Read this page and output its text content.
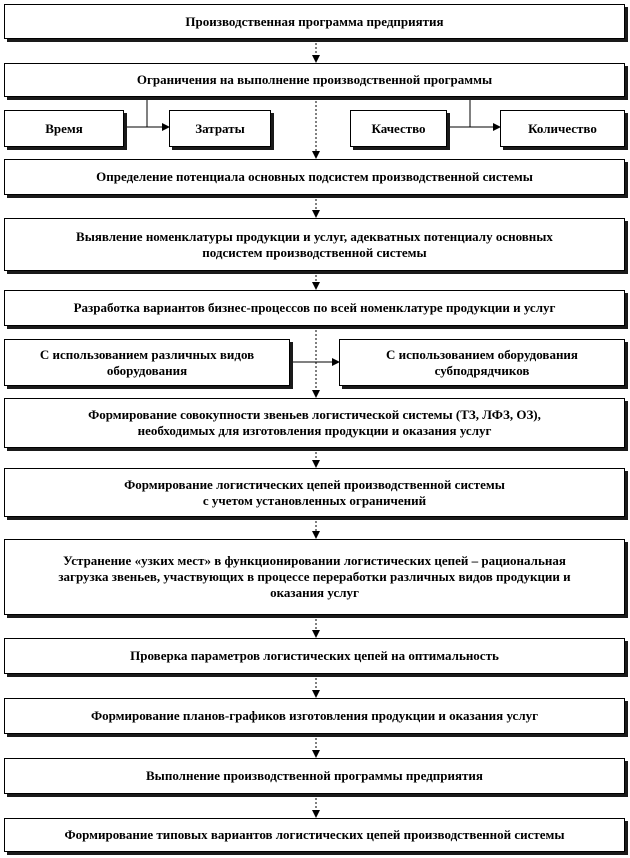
Производственная программа предприятия
Ограничения на выполнение производственной программы
Время	Затраты	Качество	Количество
Определение потенциала основных подсистем производственной системы
Выявление номенклатуры продукции и услуг, адекватных потенциалу основных
подсистем производственной системы
Разработка вариантов бизнес-процессов по всей номенклатуре продукции и услуг
С использованием различных видов
оборудования
С использованием оборудования
субподрядчиков
Формирование совокупности звеньев логистической системы (ТЗ, ЛФЗ, ОЗ),
необходимых для изготовления продукции и оказания услуг
Формирование логистических цепей производственной системы
с учетом установленных ограничений
Устранение «узких мест» в функционировании логистических цепей – рациональная
загрузка звеньев, участвующих в процессе переработки различных видов продукции и
оказания услуг
Проверка параметров логистических цепей на оптимальность
Формирование планов-графиков изготовления продукции и оказания услуг
Выполнение производственной программы предприятия
Формирование типовых вариантов логистических цепей производственной системы
